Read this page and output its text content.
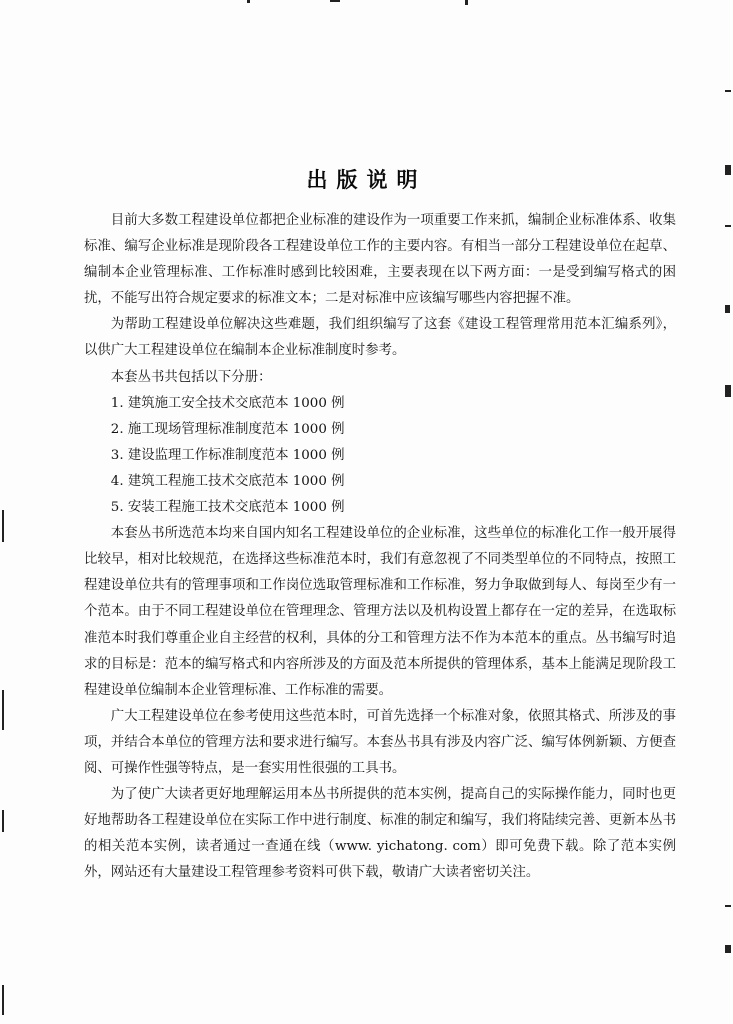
出版说明

目前大多数工程建设单位都把企业标准的建设作为一项重要工作来抓，编制企业标准体系、收集标准、编写企业标准是现阶段各工程建设单位工作的主要内容。有相当一部分工程建设单位在起草、编制本企业管理标准、工作标准时感到比较困难，主要表现在以下两方面：一是受到编写格式的困扰，不能写出符合规定要求的标准文本；二是对标准中应该编写哪些内容把握不准。

为帮助工程建设单位解决这些难题，我们组织编写了这套《建设工程管理常用范本汇编系列》，以供广大工程建设单位在编制本企业标准制度时参考。

本套丛书共包括以下分册：

1. 建筑施工安全技术交底范本 1000 例

2. 施工现场管理标准制度范本 1000 例

3. 建设监理工作标准制度范本 1000 例

4. 建筑工程施工技术交底范本 1000 例

5. 安装工程施工技术交底范本 1000 例

本套丛书所选范本均来自国内知名工程建设单位的企业标准，这些单位的标准化工作一般开展得比较早，相对比较规范，在选择这些标准范本时，我们有意忽视了不同类型单位的不同特点，按照工程建设单位共有的管理事项和工作岗位选取管理标准和工作标准，努力争取做到每人、每岗至少有一个范本。由于不同工程建设单位在管理理念、管理方法以及机构设置上都存在一定的差异，在选取标准范本时我们尊重企业自主经营的权利，具体的分工和管理方法不作为本范本的重点。丛书编写时追求的目标是：范本的编写格式和内容所涉及的方面及范本所提供的管理体系，基本上能满足现阶段工程建设单位编制本企业管理标准、工作标准的需要。

广大工程建设单位在参考使用这些范本时，可首先选择一个标准对象，依照其格式、所涉及的事项，并结合本单位的管理方法和要求进行编写。本套丛书具有涉及内容广泛、编写体例新颖、方便查阅、可操作性强等特点，是一套实用性很强的工具书。

为了使广大读者更好地理解运用本丛书所提供的范本实例，提高自己的实际操作能力，同时也更好地帮助各工程建设单位在实际工作中进行制度、标准的制定和编写，我们将陆续完善、更新本丛书的相关范本实例，读者通过一查通在线（www. yichatong. com）即可免费下载。除了范本实例外，网站还有大量建设工程管理参考资料可供下载，敬请广大读者密切关注。
